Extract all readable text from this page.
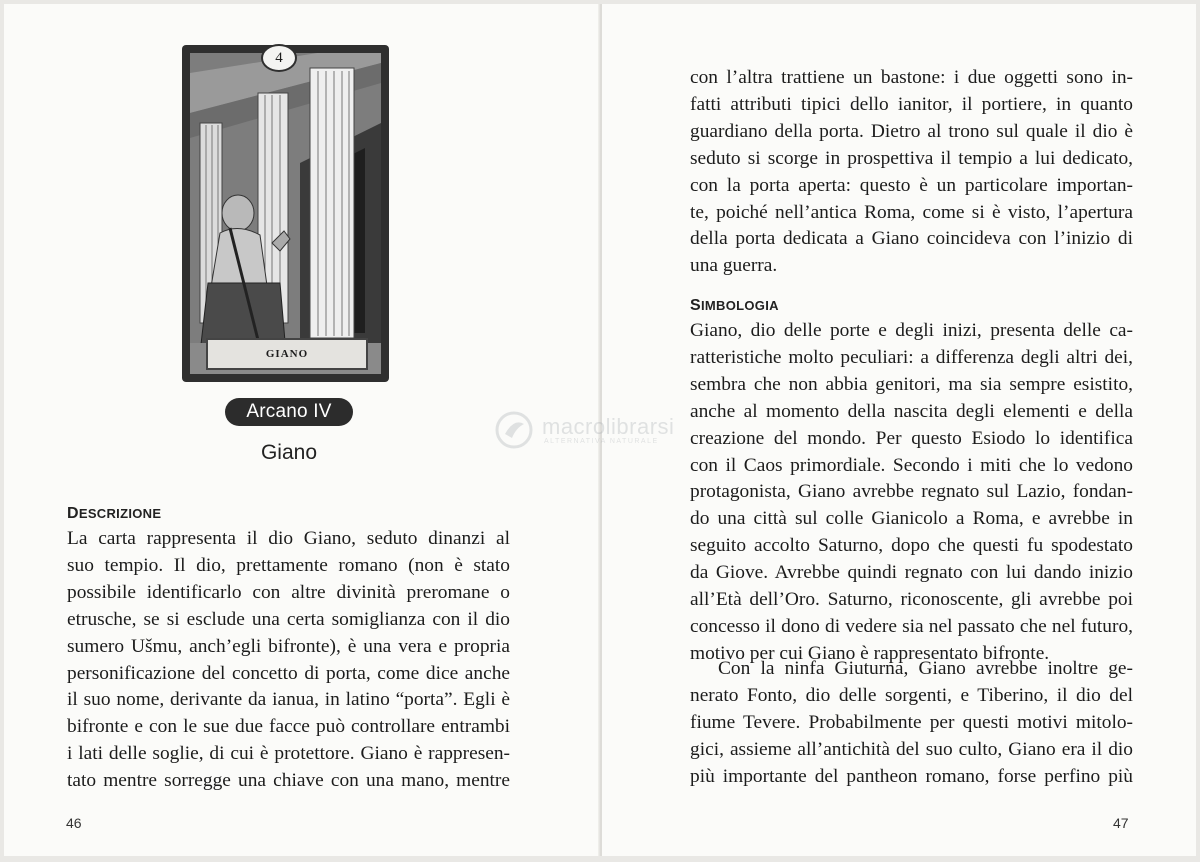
4
GIANO
Arcano IV
Giano
DESCRIZIONE
La carta rappresenta il dio Giano, seduto dinanzi al
suo tempio. Il dio, prettamente romano (non è stato
possibile identificarlo con altre divinità preromane o
etrusche, se si esclude una certa somiglianza con il dio
sumero Ušmu, anch’egli bifronte), è una vera e propria
personificazione del concetto di porta, come dice anche
il suo nome, derivante da ianua, in latino “porta”. Egli è
bifronte e con le sue due facce può controllare entrambi
i lati delle soglie, di cui è protettore. Giano è rappresen-
tato mentre sorregge una chiave con una mano, mentre
46
con l’altra trattiene un bastone: i due oggetti sono in-
fatti attributi tipici dello ianitor, il portiere, in quanto
guardiano della porta. Dietro al trono sul quale il dio è
seduto si scorge in prospettiva il tempio a lui dedicato,
con la porta aperta: questo è un particolare importan-
te, poiché nell’antica Roma, come si è visto, l’apertura
della porta dedicata a Giano coincideva con l’inizio di
una guerra.
SIMBOLOGIA
Giano, dio delle porte e degli inizi, presenta delle ca-
ratteristiche molto peculiari: a differenza degli altri dei,
sembra che non abbia genitori, ma sia sempre esistito,
anche al momento della nascita degli elementi e della
creazione del mondo. Per questo Esiodo lo identifica
con il Caos primordiale. Secondo i miti che lo vedono
protagonista, Giano avrebbe regnato sul Lazio, fondan-
do una città sul colle Gianicolo a Roma, e avrebbe in
seguito accolto Saturno, dopo che questi fu spodestato
da Giove. Avrebbe quindi regnato con lui dando inizio
all’Età dell’Oro. Saturno, riconoscente, gli avrebbe poi
concesso il dono di vedere sia nel passato che nel futuro,
motivo per cui Giano è rappresentato bifronte.
Con la ninfa Giuturna, Giano avrebbe inoltre ge-
nerato Fonto, dio delle sorgenti, e Tiberino, il dio del
fiume Tevere. Probabilmente per questi motivi mitolo-
gici, assieme all’antichità del suo culto, Giano era il dio
più importante del pantheon romano, forse perfino più
47
macrolibrarsi
ALTERNATIVA NATURALE
